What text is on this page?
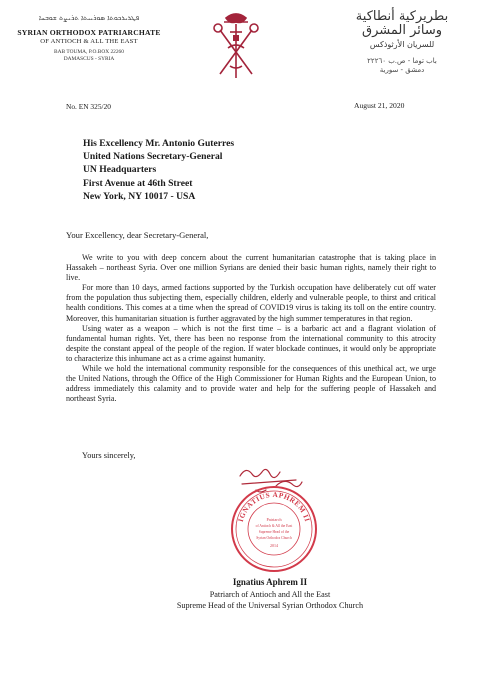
ܦܛܪܝܪܟܘܬܐ ܣܘܪܝܝܬܐ ܬܪܝܨܬ ܫܘܒܚܐ
SYRIAN ORTHODOX PATRIARCHATE
OF ANTIOCH & ALL THE EAST
BAB TOUMA, P.O.BOX 22260
DAMASCUS - SYRIA
بطريركية أنطاكية وسائر المشرق
للسريان الأرثوذكس
باب توما - ص.ب ٢٢٢٦٠
دمشق - سورية
No. EN 325/20	August 21, 2020
His Excellency Mr. Antonio Guterres
United Nations Secretary-General
UN Headquarters
First Avenue at 46th Street
New York, NY 10017 - USA
Your Excellency, dear Secretary-General,

We write to you with deep concern about the current humanitarian catastrophe that is taking place in Hassakeh – northeast Syria. Over one million Syrians are denied their basic human rights, namely their right to live.

For more than 10 days, armed factions supported by the Turkish occupation have deliberately cut off water from the population thus subjecting them, especially children, elderly and vulnerable people, to thirst and critical health conditions. This comes at a time when the spread of COVID19 virus is taking its toll on the entire country. Moreover, this humanitarian situation is further aggravated by the high summer temperatures in that region.

Using water as a weapon – which is not the first time – is a barbaric act and a flagrant violation of fundamental human rights. Yet, there has been no response from the international community to this atrocity despite the constant appeal of the people of the region. If water blockade continues, it would only be appropriate to characterize this inhumane act as a crime against humanity.

While we hold the international community responsible for the consequences of this unethical act, we urge the United Nations, through the Office of the High Commissioner for Human Rights and the European Union, to address immediately this calamity and to provide water and help for the suffering people of Hassakeh and northeast Syria.

Yours sincerely,
IGNATIUS APHREM II
Patriarch
of Antioch & All the East
Supreme Head of the
Syrian Orthodox Church
2014
Ignatius Aphrem II
Patriarch of Antioch and All the East
Supreme Head of the Universal Syrian Orthodox Church
